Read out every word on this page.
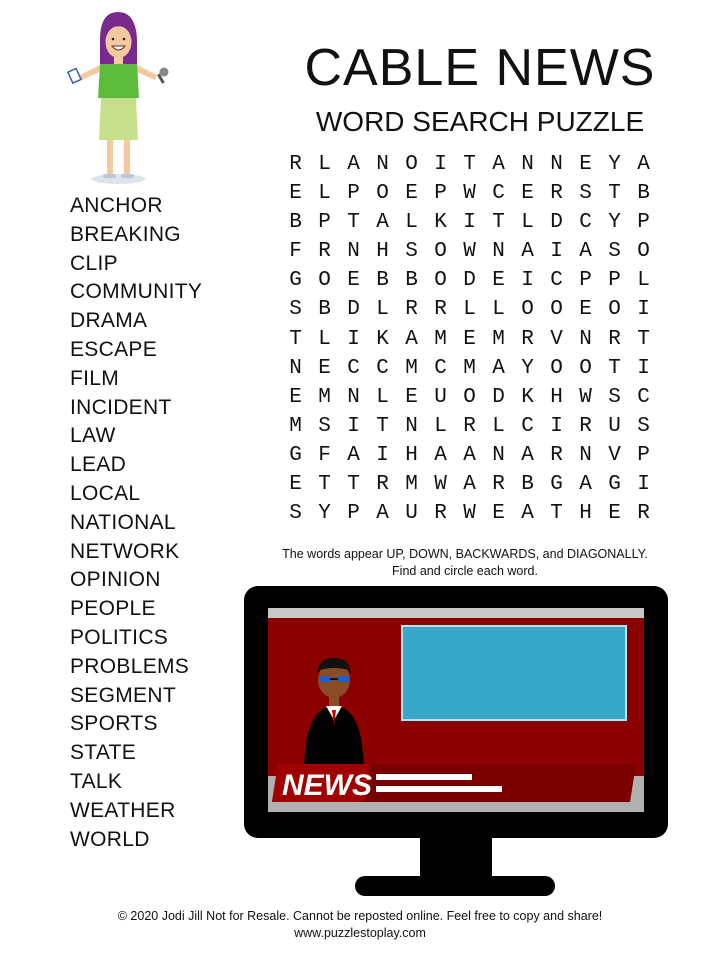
CABLE NEWS
WORD SEARCH PUZZLE
ANCHOR
BREAKING
CLIP
COMMUNITY
DRAMA
ESCAPE
FILM
INCIDENT
LAW
LEAD
LOCAL
NATIONAL
NETWORK
OPINION
PEOPLE
POLITICS
PROBLEMS
SEGMENT
SPORTS
STATE
TALK
WEATHER
WORLD
R L A N O I T A N N E Y A
E L P O E P W C E R S T B
B P T A L K I T L D C Y P
F R N H S O W N A I A S O
G O E B B O D E I C P P L
S B D L R R L L O O E O I
T L I K A M E M R V N R T
N E C C M C M A Y O O T I
E M N L E U O D K H W S C
M S I T N L R L C I R U S
G F A I H A A N A R N V P
E T T R M W A R B G A G I
S Y P A U R W E A T H E R
The words appear UP, DOWN, BACKWARDS, and DIAGONALLY.
Find and circle each word.
NEWS
© 2020 Jodi Jill Not for Resale. Cannot be reposted online. Feel free to copy and share!
www.puzzlestoplay.com
